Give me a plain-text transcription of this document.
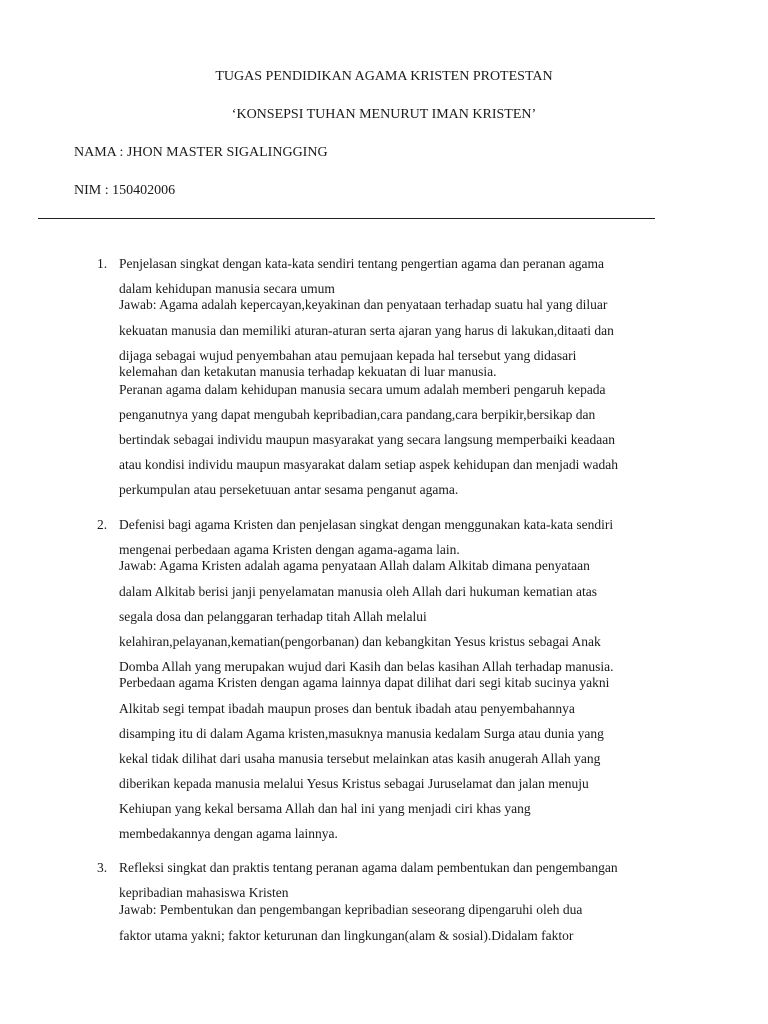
TUGAS PENDIDIKAN AGAMA KRISTEN PROTESTAN
‘KONSEPSI TUHAN MENURUT IMAN KRISTEN’
NAMA : JHON MASTER SIGALINGGING
NIM : 150402006
1. Penjelasan singkat dengan kata-kata sendiri tentang pengertian agama dan peranan agama
dalam kehidupan manusia secara umum
Jawab: Agama adalah kepercayan,keyakinan dan penyataan terhadap suatu hal yang diluar
kekuatan manusia dan memiliki aturan-aturan serta ajaran yang harus di lakukan,ditaati dan
dijaga sebagai wujud penyembahan atau pemujaan kepada hal tersebut yang didasari
kelemahan dan ketakutan manusia terhadap kekuatan di luar manusia.
Peranan agama dalam kehidupan manusia secara umum adalah memberi pengaruh kepada
penganutnya yang dapat mengubah kepribadian,cara pandang,cara berpikir,bersikap dan
bertindak sebagai individu maupun masyarakat yang secara langsung memperbaiki keadaan
atau kondisi individu maupun masyarakat dalam setiap aspek kehidupan dan menjadi wadah
perkumpulan atau perseketuuan antar sesama penganut agama.
2. Defenisi bagi agama Kristen dan penjelasan singkat dengan menggunakan kata-kata sendiri
mengenai perbedaan agama Kristen dengan agama-agama lain.
Jawab: Agama Kristen adalah agama penyataan Allah dalam Alkitab dimana penyataan
dalam Alkitab berisi janji penyelamatan manusia oleh Allah dari hukuman kematian atas
segala dosa dan pelanggaran terhadap titah Allah melalui
kelahiran,pelayanan,kematian(pengorbanan) dan kebangkitan Yesus kristus sebagai Anak
Domba Allah yang merupakan wujud dari Kasih dan belas kasihan Allah terhadap manusia.
Perbedaan agama Kristen dengan agama lainnya dapat dilihat dari segi kitab sucinya yakni
Alkitab segi tempat ibadah maupun proses dan bentuk ibadah atau penyembahannya
disamping itu di dalam Agama kristen,masuknya manusia kedalam Surga atau dunia yang
kekal tidak dilihat dari usaha manusia tersebut melainkan atas kasih anugerah Allah yang
diberikan kepada manusia melalui Yesus Kristus sebagai Juruselamat dan jalan menuju
Kehiupan yang kekal bersama Allah dan hal ini yang menjadi ciri khas yang
membedakannya dengan agama lainnya.
3. Refleksi singkat dan praktis tentang peranan agama dalam pembentukan dan pengembangan
kepribadian mahasiswa Kristen
Jawab: Pembentukan dan pengembangan kepribadian seseorang dipengaruhi oleh dua
faktor utama yakni; faktor keturunan dan lingkungan(alam & sosial).Didalam faktor
